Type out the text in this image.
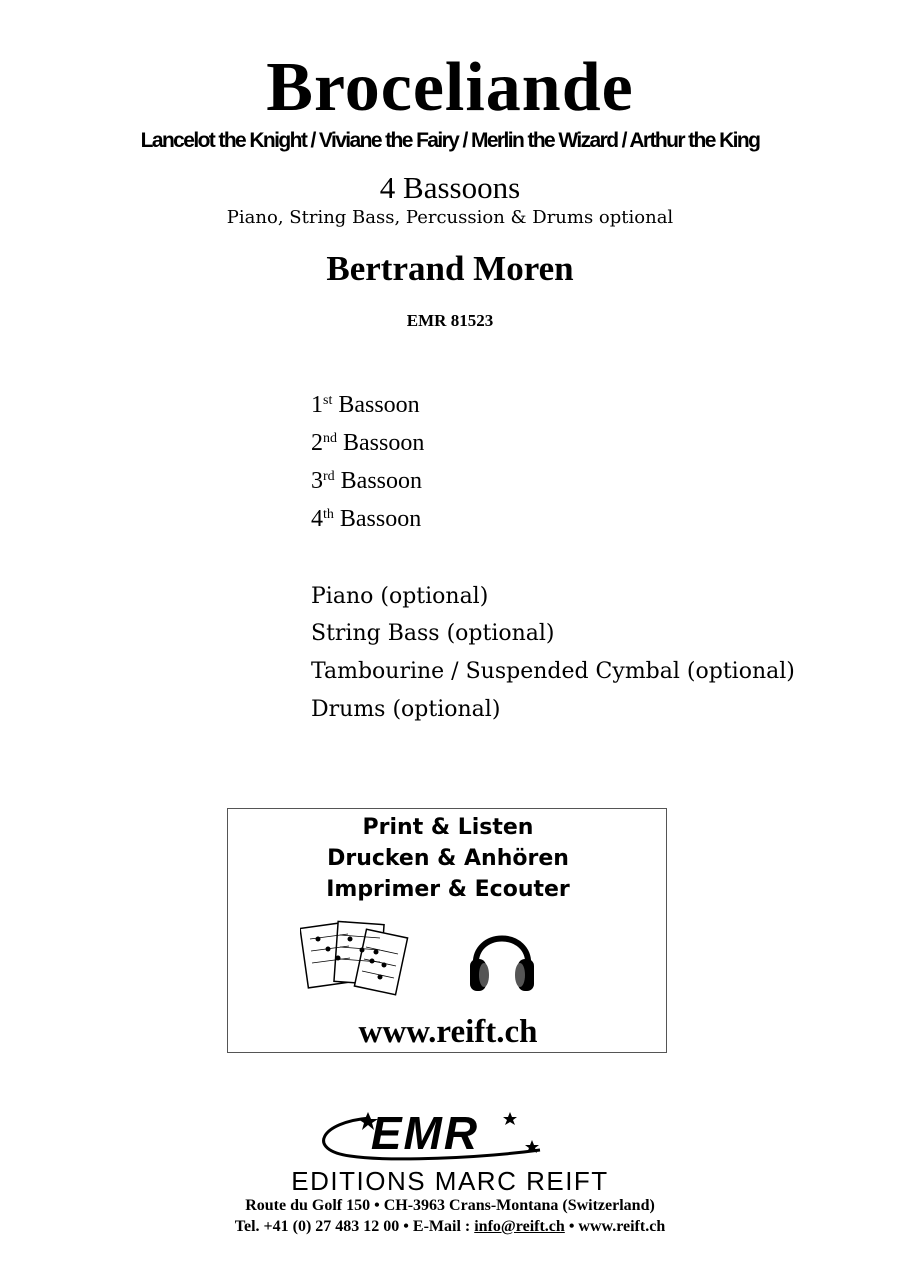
Broceliande
Lancelot the Knight / Viviane the Fairy / Merlin the Wizard / Arthur the King
4 Bassoons
Piano, String Bass, Percussion & Drums optional
Bertrand Moren
EMR 81523
1st Bassoon
2nd Bassoon
3rd Bassoon
4th Bassoon
Piano (optional)
String Bass (optional)
Tambourine / Suspended Cymbal (optional)
Drums (optional)
Print & Listen
Drucken & Anhören
Imprimer & Ecouter
www.reift.ch
EMR
EDITIONS MARC REIFT
Route du Golf 150 • CH-3963 Crans-Montana (Switzerland)
Tel. +41 (0) 27 483 12 00 • E-Mail : info@reift.ch • www.reift.ch
